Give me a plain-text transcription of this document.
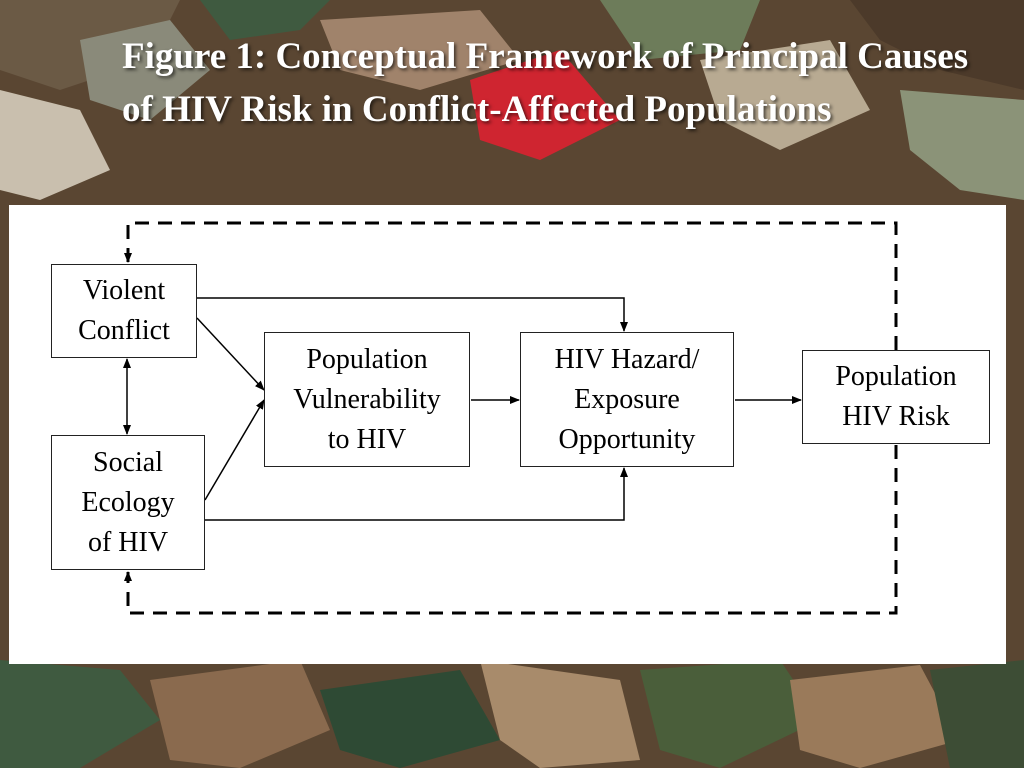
Figure 1: Conceptual Framework of Principal Causes of HIV Risk in Conflict-Affected Populations
Violent
Conflict
Social
Ecology
of HIV
Population
Vulnerability
to HIV
HIV Hazard/
Exposure
Opportunity
Population
HIV Risk
